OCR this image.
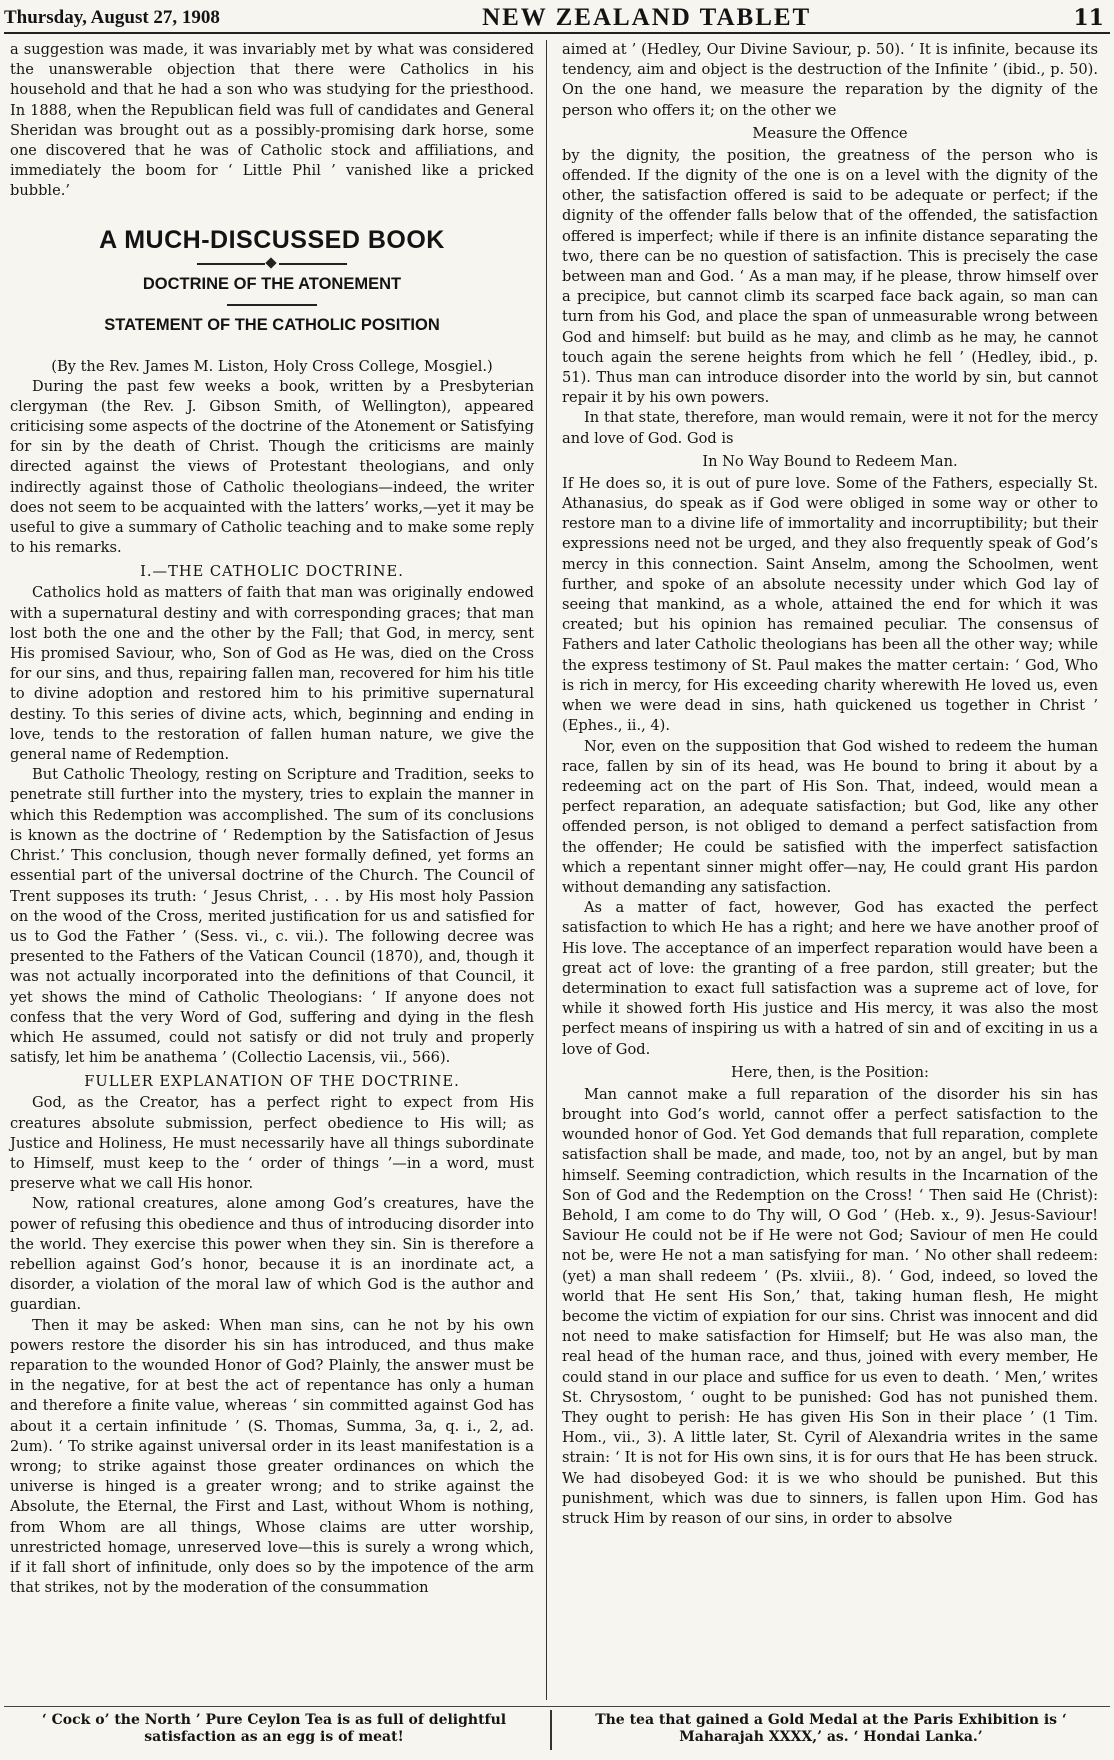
Thursday, August 27, 1908	NEW ZEALAND TABLET	11

a suggestion was made, it was invariably met by what was considered the unanswerable objection that there were Catholics in his household and that he had a son who was studying for the priesthood. In 1888, when the Republican field was full of candidates and General Sheridan was brought out as a possibly-promising dark horse, some one discovered that he was of Catholic stock and affiliations, and immediately the boom for ‘ Little Phil ’ vanished like a pricked bubble.’

A MUCH-DISCUSSED BOOK
DOCTRINE OF THE ATONEMENT
STATEMENT OF THE CATHOLIC POSITION
(By the Rev. James M. Liston, Holy Cross College, Mosgiel.)

During the past few weeks a book, written by a Presbyterian clergyman (the Rev. J. Gibson Smith, of Wellington), appeared criticising some aspects of the doctrine of the Atonement or Satisfying for sin by the death of Christ. Though the criticisms are mainly directed against the views of Protestant theologians, and only indirectly against those of Catholic theologians—indeed, the writer does not seem to be acquainted with the latters’ works,—yet it may be useful to give a summary of Catholic teaching and to make some reply to his remarks.

I.—THE CATHOLIC DOCTRINE.

Catholics hold as matters of faith that man was originally endowed with a supernatural destiny and with corresponding graces; that man lost both the one and the other by the Fall; that God, in mercy, sent His promised Saviour, who, Son of God as He was, died on the Cross for our sins, and thus, repairing fallen man, recovered for him his title to divine adoption and restored him to his primitive supernatural destiny. To this series of divine acts, which, beginning and ending in love, tends to the restoration of fallen human nature, we give the general name of Redemption.

But Catholic Theology, resting on Scripture and Tradition, seeks to penetrate still further into the mystery, tries to explain the manner in which this Redemption was accomplished. The sum of its conclusions is known as the doctrine of ‘ Redemption by the Satisfaction of Jesus Christ.’ This conclusion, though never formally defined, yet forms an essential part of the universal doctrine of the Church. The Council of Trent supposes its truth: ‘ Jesus Christ, . . . by His most holy Passion on the wood of the Cross, merited justification for us and satisfied for us to God the Father ’ (Sess. vi., c. vii.). The following decree was presented to the Fathers of the Vatican Council (1870), and, though it was not actually incorporated into the definitions of that Council, it yet shows the mind of Catholic Theologians: ‘ If anyone does not confess that the very Word of God, suffering and dying in the flesh which He assumed, could not satisfy or did not truly and properly satisfy, let him be anathema ’ (Collectio Lacensis, vii., 566).

FULLER EXPLANATION OF THE DOCTRINE.

God, as the Creator, has a perfect right to expect from His creatures absolute submission, perfect obedience to His will; as Justice and Holiness, He must necessarily have all things subordinate to Himself, must keep to the ‘ order of things ’—in a word, must preserve what we call His honor.

Now, rational creatures, alone among God’s creatures, have the power of refusing this obedience and thus of introducing disorder into the world. They exercise this power when they sin. Sin is therefore a rebellion against God’s honor, because it is an inordinate act, a disorder, a violation of the moral law of which God is the author and guardian.

Then it may be asked: When man sins, can he not by his own powers restore the disorder his sin has introduced, and thus make reparation to the wounded Honor of God? Plainly, the answer must be in the negative, for at best the act of repentance has only a human and therefore a finite value, whereas ‘ sin committed against God has about it a certain infinitude ’ (S. Thomas, Summa, 3a, q. i., 2, ad. 2um). ‘ To strike against universal order in its least manifestation is a wrong; to strike against those greater ordinances on which the universe is hinged is a greater wrong; and to strike against the Absolute, the Eternal, the First and Last, without Whom is nothing, from Whom are all things, Whose claims are utter worship, unrestricted homage, unreserved love—this is surely a wrong which, if it fall short of infinitude, only does so by the impotence of the arm that strikes, not by the moderation of the consummation

aimed at ’ (Hedley, Our Divine Saviour, p. 50). ‘ It is infinite, because its tendency, aim and object is the destruction of the Infinite ’ (ibid., p. 50). On the one hand, we measure the reparation by the dignity of the person who offers it; on the other we

Measure the Offence

by the dignity, the position, the greatness of the person who is offended. If the dignity of the one is on a level with the dignity of the other, the satisfaction offered is said to be adequate or perfect; if the dignity of the offender falls below that of the offended, the satisfaction offered is imperfect; while if there is an infinite distance separating the two, there can be no question of satisfaction. This is precisely the case between man and God. ‘ As a man may, if he please, throw himself over a precipice, but cannot climb its scarped face back again, so man can turn from his God, and place the span of unmeasurable wrong between God and himself: but build as he may, and climb as he may, he cannot touch again the serene heights from which he fell ’ (Hedley, ibid., p. 51). Thus man can introduce disorder into the world by sin, but cannot repair it by his own powers.

In that state, therefore, man would remain, were it not for the mercy and love of God. God is

In No Way Bound to Redeem Man.

If He does so, it is out of pure love. Some of the Fathers, especially St. Athanasius, do speak as if God were obliged in some way or other to restore man to a divine life of immortality and incorruptibility; but their expressions need not be urged, and they also frequently speak of God’s mercy in this connection. Saint Anselm, among the Schoolmen, went further, and spoke of an absolute necessity under which God lay of seeing that mankind, as a whole, attained the end for which it was created; but his opinion has remained peculiar. The consensus of Fathers and later Catholic theologians has been all the other way; while the express testimony of St. Paul makes the matter certain: ‘ God, Who is rich in mercy, for His exceeding charity wherewith He loved us, even when we were dead in sins, hath quickened us together in Christ ’ (Ephes., ii., 4).

Nor, even on the supposition that God wished to redeem the human race, fallen by sin of its head, was He bound to bring it about by a redeeming act on the part of His Son. That, indeed, would mean a perfect reparation, an adequate satisfaction; but God, like any other offended person, is not obliged to demand a perfect satisfaction from the offender; He could be satisfied with the imperfect satisfaction which a repentant sinner might offer—nay, He could grant His pardon without demanding any satisfaction.

As a matter of fact, however, God has exacted the perfect satisfaction to which He has a right; and here we have another proof of His love. The acceptance of an imperfect reparation would have been a great act of love: the granting of a free pardon, still greater; but the determination to exact full satisfaction was a supreme act of love, for while it showed forth His justice and His mercy, it was also the most perfect means of inspiring us with a hatred of sin and of exciting in us a love of God.

Here, then, is the Position:

Man cannot make a full reparation of the disorder his sin has brought into God’s world, cannot offer a perfect satisfaction to the wounded honor of God. Yet God demands that full reparation, complete satisfaction shall be made, and made, too, not by an angel, but by man himself. Seeming contradiction, which results in the Incarnation of the Son of God and the Redemption on the Cross! ‘ Then said He (Christ): Behold, I am come to do Thy will, O God ’ (Heb. x., 9). Jesus-Saviour! Saviour He could not be if He were not God; Saviour of men He could not be, were He not a man satisfying for man. ‘ No other shall redeem: (yet) a man shall redeem ’ (Ps. xlviii., 8). ‘ God, indeed, so loved the world that He sent His Son,’ that, taking human flesh, He might become the victim of expiation for our sins. Christ was innocent and did not need to make satisfaction for Himself; but He was also man, the real head of the human race, and thus, joined with every member, He could stand in our place and suffice for us even to death. ‘ Men,’ writes St. Chrysostom, ‘ ought to be punished: God has not punished them. They ought to perish: He has given His Son in their place ’ (1 Tim. Hom., vii., 3). A little later, St. Cyril of Alexandria writes in the same strain: ‘ It is not for His own sins, it is for ours that He has been struck. We had disobeyed God: it is we who should be punished. But this punishment, which was due to sinners, is fallen upon Him. God has struck Him by reason of our sins, in order to absolve

‘ Cock o’ the North ’ Pure Ceylon Tea is as full of delightful satisfaction as an egg is of meat!
The tea that gained a Gold Medal at the Paris Exhibition is ‘ Maharajah XXXX,’ as. ‘ Hondai Lanka.’
